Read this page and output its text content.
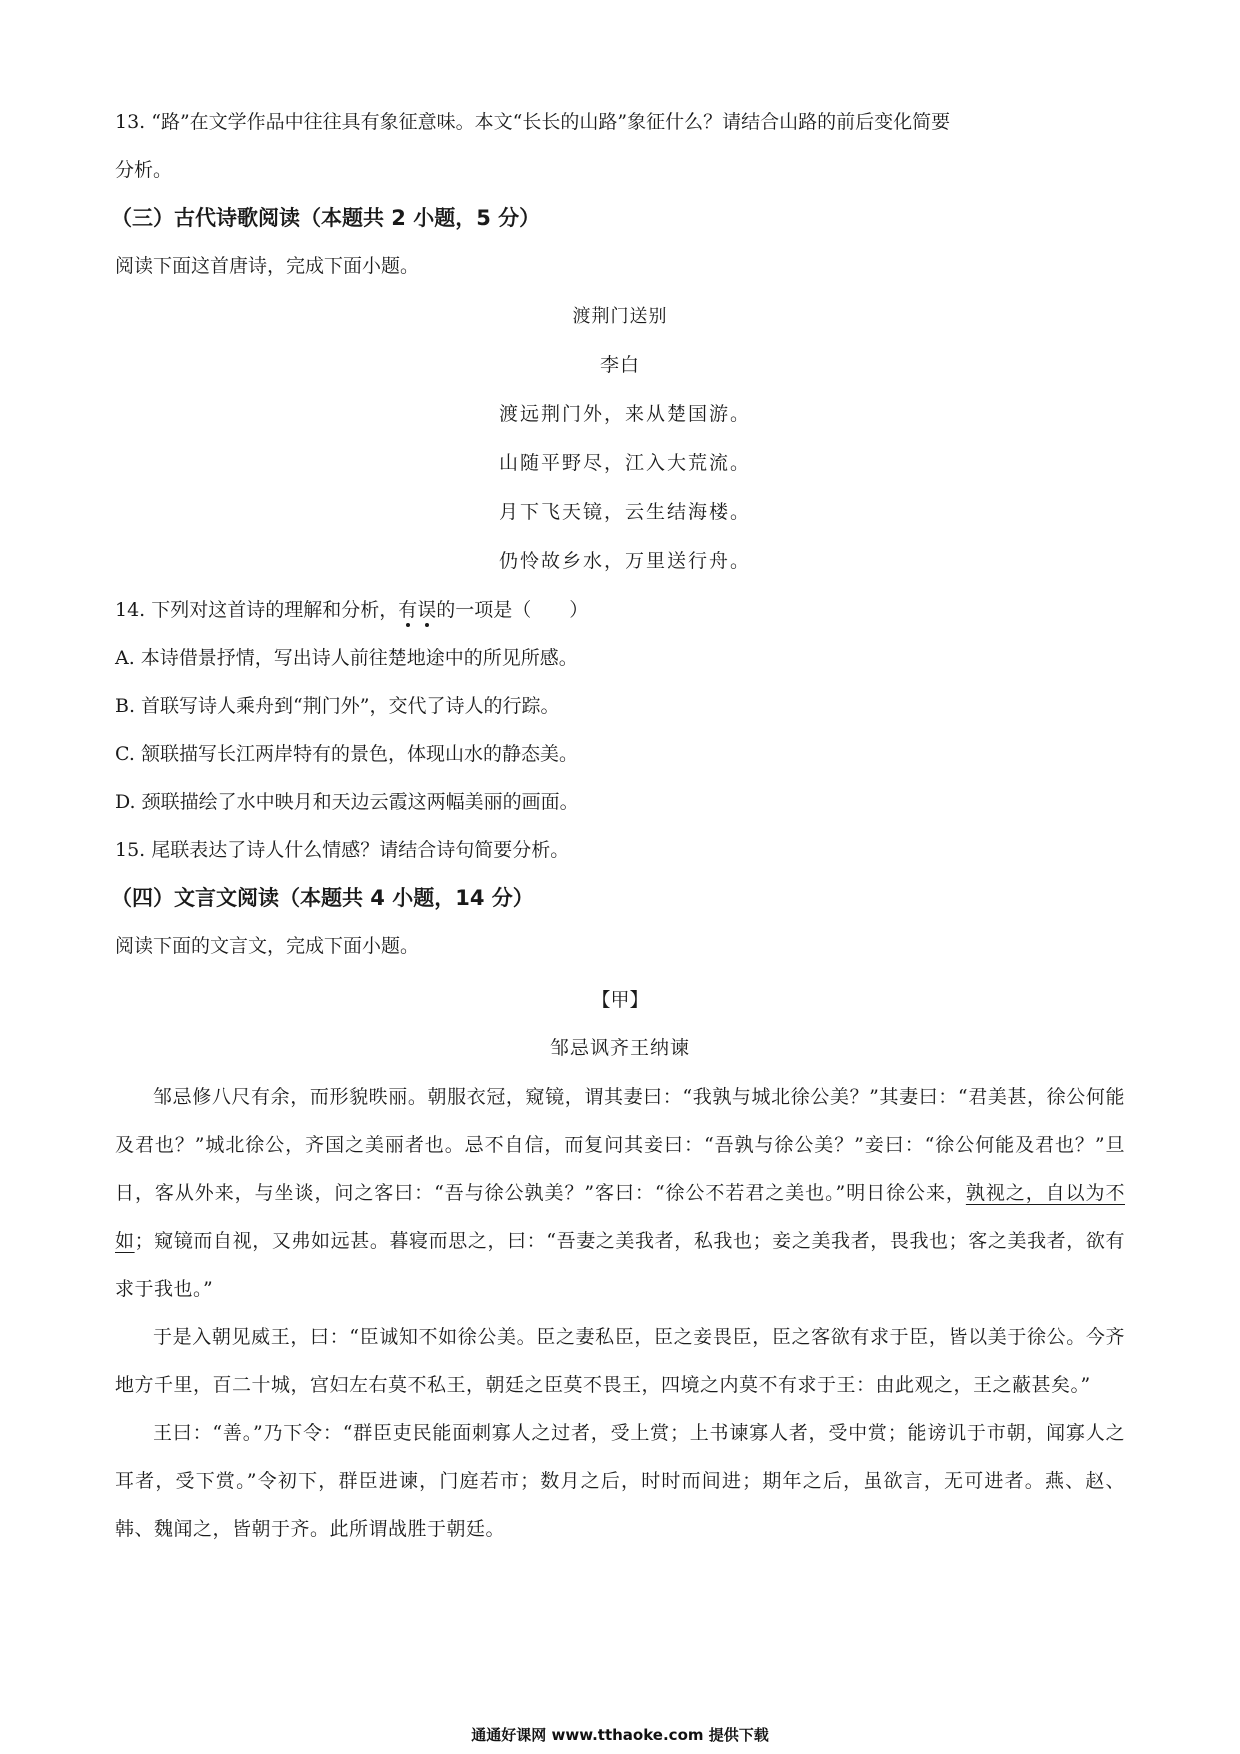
13. “路”在文学作品中往往具有象征意味。本文“长长的山路”象征什么？请结合山路的前后变化简要

分析。

（三）古代诗歌阅读（本题共 2 小题，5 分）

阅读下面这首唐诗，完成下面小题。

渡荆门送别

李白

渡远荆门外，来从楚国游。

山随平野尽，江入大荒流。

月下飞天镜，云生结海楼。

仍怜故乡水，万里送行舟。

14. 下列对这首诗的理解和分析，有误的一项是（　　）

A. 本诗借景抒情，写出诗人前往楚地途中的所见所感。

B. 首联写诗人乘舟到“荆门外”，交代了诗人的行踪。

C. 颔联描写长江两岸特有的景色，体现山水的静态美。

D. 颈联描绘了水中映月和天边云霞这两幅美丽的画面。

15. 尾联表达了诗人什么情感？请结合诗句简要分析。

（四）文言文阅读（本题共 4 小题，14 分）

阅读下面的文言文，完成下面小题。

【甲】

邹忌讽齐王纳谏

邹忌修八尺有余，而形貌昳丽。朝服衣冠，窥镜，谓其妻曰：“我孰与城北徐公美？”其妻曰：“君美甚，徐公何能及君也？”城北徐公，齐国之美丽者也。忌不自信，而复问其妾曰：“吾孰与徐公美？”妾曰：“徐公何能及君也？”旦日，客从外来，与坐谈，问之客曰：“吾与徐公孰美？”客曰：“徐公不若君之美也。”明日徐公来，孰视之，自以为不如；窥镜而自视，又弗如远甚。暮寝而思之，曰：“吾妻之美我者，私我也；妾之美我者，畏我也；客之美我者，欲有求于我也。”

于是入朝见威王，曰：“臣诚知不如徐公美。臣之妻私臣，臣之妾畏臣，臣之客欲有求于臣，皆以美于徐公。今齐地方千里，百二十城，宫妇左右莫不私王，朝廷之臣莫不畏王，四境之内莫不有求于王：由此观之，王之蔽甚矣。”

王曰：“善。”乃下令：“群臣吏民能面刺寡人之过者，受上赏；上书谏寡人者，受中赏；能谤讥于市朝，闻寡人之耳者，受下赏。”令初下，群臣进谏，门庭若市；数月之后，时时而间进；期年之后，虽欲言，无可进者。燕、赵、韩、魏闻之，皆朝于齐。此所谓战胜于朝廷。

通通好课网 www.tthaoke.com 提供下载
